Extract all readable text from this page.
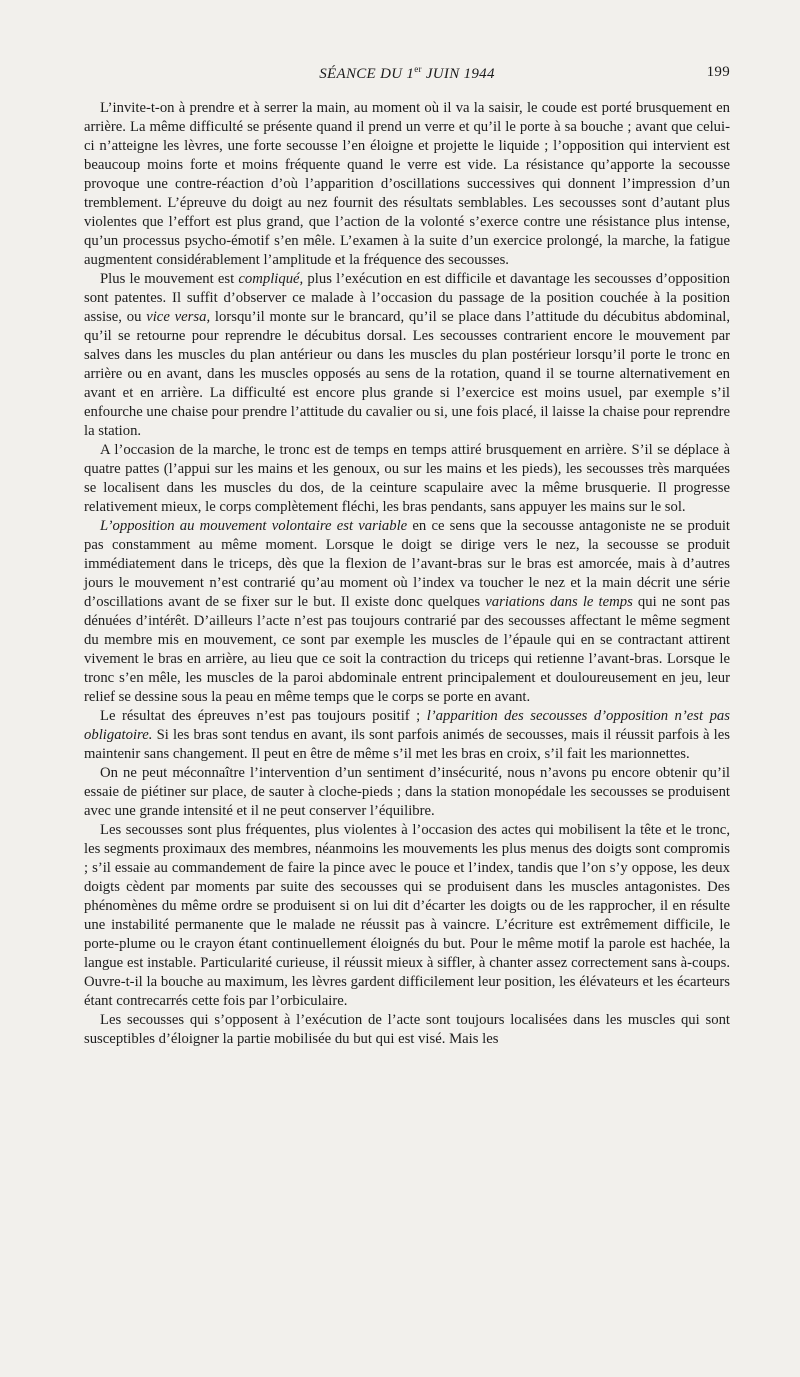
SÉANCE DU 1er JUIN 1944	199

L’invite-t-on à prendre et à serrer la main, au moment où il va la saisir, le coude est porté brusquement en arrière. La même difficulté se présente quand il prend un verre et qu’il le porte à sa bouche ; avant que celui-ci n’atteigne les lèvres, une forte secousse l’en éloigne et projette le liquide ; l’opposition qui intervient est beaucoup moins forte et moins fréquente quand le verre est vide. La résistance qu’apporte la secousse provoque une contre-réaction d’où l’apparition d’oscillations successives qui donnent l’impression d’un tremblement. L’épreuve du doigt au nez fournit des résultats semblables. Les secousses sont d’autant plus violentes que l’effort est plus grand, que l’action de la volonté s’exerce contre une résistance plus intense, qu’un processus psycho-émotif s’en mêle. L’examen à la suite d’un exercice prolongé, la marche, la fatigue augmentent considérablement l’amplitude et la fréquence des secousses.

Plus le mouvement est compliqué, plus l’exécution en est difficile et davantage les secousses d’opposition sont patentes. Il suffit d’observer ce malade à l’occasion du passage de la position couchée à la position assise, ou vice versa, lorsqu’il monte sur le brancard, qu’il se place dans l’attitude du décubitus abdominal, qu’il se retourne pour reprendre le décubitus dorsal. Les secousses contrarient encore le mouvement par salves dans les muscles du plan antérieur ou dans les muscles du plan postérieur lorsqu’il porte le tronc en arrière ou en avant, dans les muscles opposés au sens de la rotation, quand il se tourne alternativement en avant et en arrière. La difficulté est encore plus grande si l’exercice est moins usuel, par exemple s’il enfourche une chaise pour prendre l’attitude du cavalier ou si, une fois placé, il laisse la chaise pour reprendre la station.

A l’occasion de la marche, le tronc est de temps en temps attiré brusquement en arrière. S’il se déplace à quatre pattes (l’appui sur les mains et les genoux, ou sur les mains et les pieds), les secousses très marquées se localisent dans les muscles du dos, de la ceinture scapulaire avec la même brusquerie. Il progresse relativement mieux, le corps complètement fléchi, les bras pendants, sans appuyer les mains sur le sol.

L’opposition au mouvement volontaire est variable en ce sens que la secousse antagoniste ne se produit pas constamment au même moment. Lorsque le doigt se dirige vers le nez, la secousse se produit immédiatement dans le triceps, dès que la flexion de l’avant-bras sur le bras est amorcée, mais à d’autres jours le mouvement n’est contrarié qu’au moment où l’index va toucher le nez et la main décrit une série d’oscillations avant de se fixer sur le but. Il existe donc quelques variations dans le temps qui ne sont pas dénuées d’intérêt. D’ailleurs l’acte n’est pas toujours contrarié par des secousses affectant le même segment du membre mis en mouvement, ce sont par exemple les muscles de l’épaule qui en se contractant attirent vivement le bras en arrière, au lieu que ce soit la contraction du triceps qui retienne l’avant-bras. Lorsque le tronc s’en mêle, les muscles de la paroi abdominale entrent principalement et douloureusement en jeu, leur relief se dessine sous la peau en même temps que le corps se porte en avant.

Le résultat des épreuves n’est pas toujours positif ; l’apparition des secousses d’opposition n’est pas obligatoire. Si les bras sont tendus en avant, ils sont parfois animés de secousses, mais il réussit parfois à les maintenir sans changement. Il peut en être de même s’il met les bras en croix, s’il fait les marionnettes.

On ne peut méconnaître l’intervention d’un sentiment d’insécurité, nous n’avons pu encore obtenir qu’il essaie de piétiner sur place, de sauter à cloche-pieds ; dans la station monopédale les secousses se produisent avec une grande intensité et il ne peut conserver l’équilibre.

Les secousses sont plus fréquentes, plus violentes à l’occasion des actes qui mobilisent la tête et le tronc, les segments proximaux des membres, néanmoins les mouvements les plus menus des doigts sont compromis ; s’il essaie au commandement de faire la pince avec le pouce et l’index, tandis que l’on s’y oppose, les deux doigts cèdent par moments par suite des secousses qui se produisent dans les muscles antagonistes. Des phénomènes du même ordre se produisent si on lui dit d’écarter les doigts ou de les rapprocher, il en résulte une instabilité permanente que le malade ne réussit pas à vaincre. L’écriture est extrêmement difficile, le porte-plume ou le crayon étant continuellement éloignés du but. Pour le même motif la parole est hachée, la langue est instable. Particularité curieuse, il réussit mieux à siffler, à chanter assez correctement sans à-coups. Ouvre-t-il la bouche au maximum, les lèvres gardent difficilement leur position, les élévateurs et les écarteurs étant contrecarrés cette fois par l’orbiculaire.

Les secousses qui s’opposent à l’exécution de l’acte sont toujours localisées dans les muscles qui sont susceptibles d’éloigner la partie mobilisée du but qui est visé. Mais les
